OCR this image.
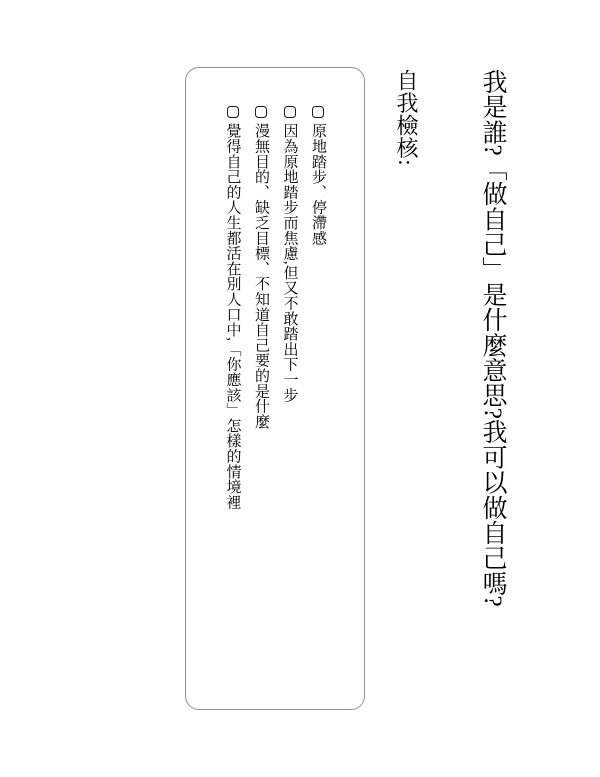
我是誰?「做自己」是什麼意思?我可以做自己嗎?
自我檢核:
原地踏步、停滯感
因為原地踏步而焦慮,但又不敢踏出下一步
漫無目的、缺乏目標、不知道自己要的是什麼
覺得自己的人生都活在別人口中,「你應該」怎樣的情境裡
